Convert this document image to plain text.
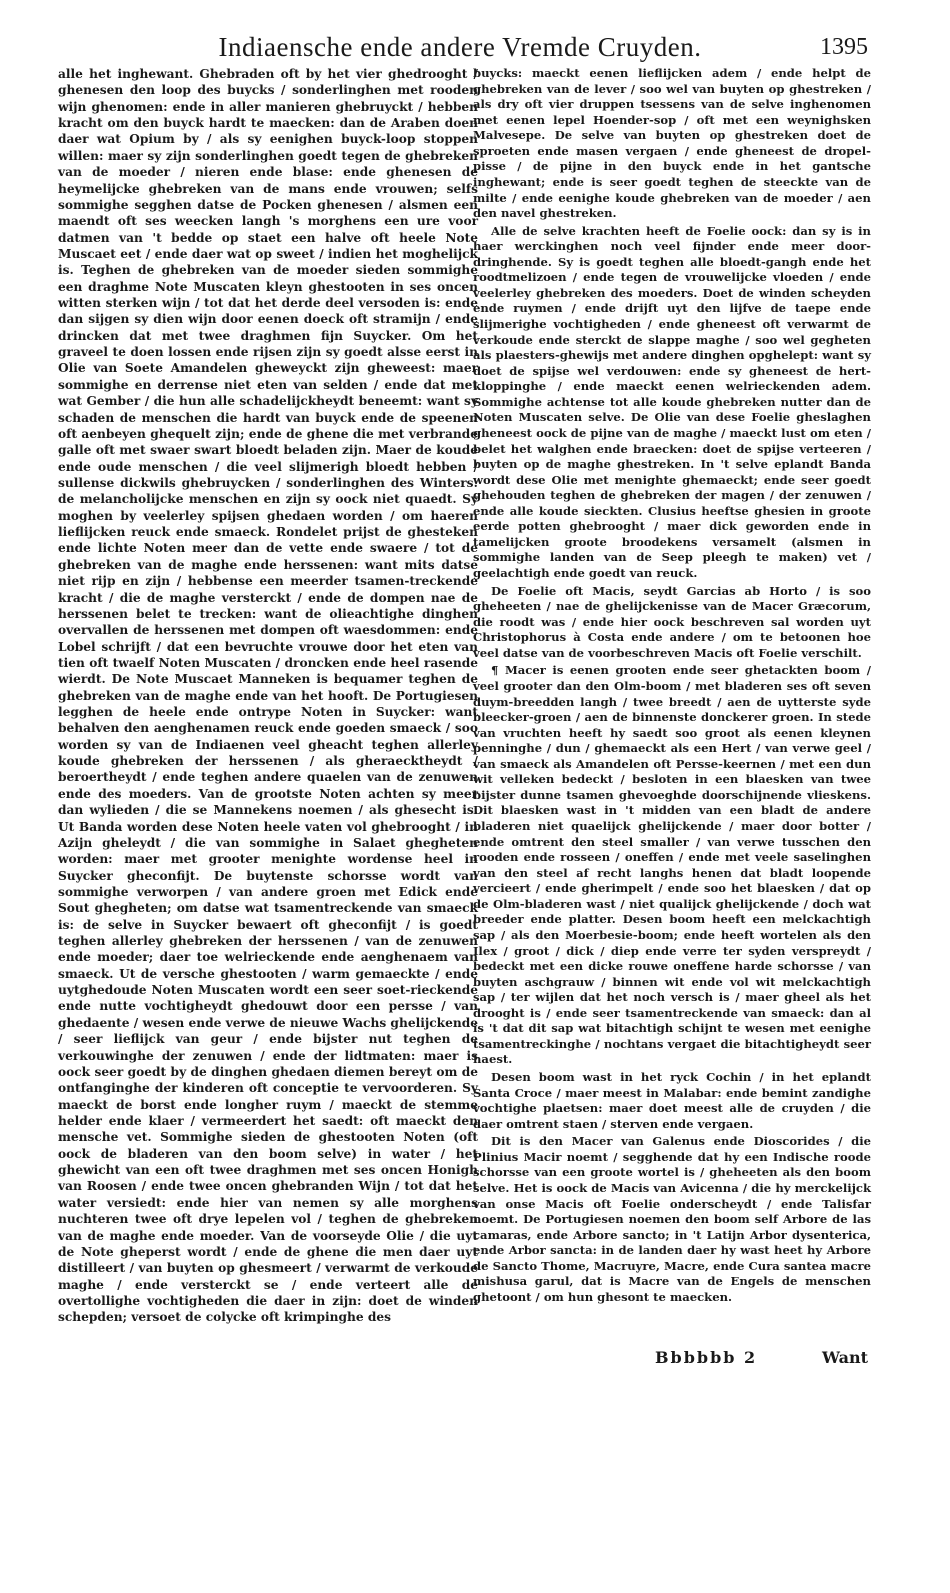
Indiaensche ende andere Vremde Cruyden.	1395

alle het inghewant. Ghebraden oft by het vier ghedrooght / ghenesen den loop des buycks / sonderlinghen met rooden wijn ghenomen: ende in aller manieren ghebruyckt / hebben kracht om den buyck hardt te maecken: dan de Araben doen daer wat Opium by / als sy eenighen buyck-loop stoppen willen: maer sy zijn sonderlinghen goedt tegen de ghebreken van de moeder / nieren ende blase: ende ghenesen de heymelijcke ghebreken van de mans ende vrouwen; selfs sommighe segghen datse de Pocken ghenesen / alsmen een maendt oft ses weecken langh 's morghens een ure voor datmen van 't bedde op staet een halve oft heele Note Muscaet eet / ende daer wat op sweet / indien het moghelijck is. Teghen de ghebreken van de moeder sieden sommighe een draghme Note Muscaten kleyn ghestooten in ses oncen witten sterken wijn / tot dat het derde deel versoden is: ende dan sijgen sy dien wijn door eenen doeck oft stramijn / ende drincken dat met twee draghmen fijn Suycker. Om het graveel te doen lossen ende rijsen zijn sy goedt alsse eerst in Olie van Soete Amandelen gheweyckt zijn gheweest: maer sommighe en derrense niet eten van selden / ende dat met wat Gember / die hun alle schadelijckheydt beneemt: want sy schaden de menschen die hardt van buyck ende de speenen oft aenbeyen ghequelt zijn; ende de ghene die met verbrande galle oft met swaer swart bloedt beladen zijn. Maer de koude ende oude menschen / die veel slijmerigh bloedt hebben / sullense dickwils ghebruycken / sonderlinghen des Winters: de melancholijcke menschen en zijn sy oock niet quaedt. Sy moghen by veelerley spijsen ghedaen worden / om haeren lieflijcken reuck ende smaeck. Rondelet prijst de ghesteken ende lichte Noten meer dan de vette ende swaere / tot de ghebreken van de maghe ende herssenen: want mits datse niet rijp en zijn / hebbense een meerder tsamen-treckende kracht / die de maghe versterckt / ende de dompen nae de herssenen belet te trecken: want de olieachtighe dinghen overvallen de herssenen met dompen oft waesdommen: ende Lobel schrijft / dat een bevruchte vrouwe door het eten van tien oft twaelf Noten Muscaten / droncken ende heel rasende wierdt. De Note Muscaet Manneken is bequamer teghen de ghebreken van de maghe ende van het hooft. De Portugiesen legghen de heele ende ontrype Noten in Suycker: want behalven den aenghenamen reuck ende goeden smaeck / soo worden sy van de Indiaenen veel gheacht teghen allerley koude ghebreken der herssenen / als gheraecktheydt / beroertheydt / ende teghen andere quaelen van de zenuwen ende des moeders. Van de grootste Noten achten sy meer dan wylieden / die se Mannekens noemen / als ghesecht is. Ut Banda worden dese Noten heele vaten vol ghebrooght / in Azijn gheleydt / die van sommighe in Salaet ghegheten worden: maer met grooter menighte wordense heel in Suycker gheconfijt. De buytenste schorsse wordt van sommighe verworpen / van andere groen met Edick ende Sout ghegheten; om datse wat tsamentreckende van smaeck is: de selve in Suycker bewaert oft gheconfijt / is goedt teghen allerley ghebreken der herssenen / van de zenuwen ende moeder; daer toe welrieckende ende aenghenaem van smaeck. Ut de versche ghestooten / warm gemaeckte / ende uytghedoude Noten Muscaten wordt een seer soet-rieckende ende nutte vochtigheydt ghedouwt door een persse / van ghedaente / wesen ende verwe de nieuwe Wachs ghelijckende / seer lieflijck van geur / ende bijster nut teghen de verkouwinghe der zenuwen / ende der lidtmaten: maer is oock seer goedt by de dinghen ghedaen diemen bereyt om de ontfanginghe der kinderen oft conceptie te vervoorderen. Sy maeckt de borst ende longher ruym / maeckt de stemme helder ende klaer / vermeerdert het saedt: oft maeckt den mensche vet. Sommighe sieden de ghestooten Noten (oft oock de bladeren van den boom selve) in water / het ghewicht van een oft twee draghmen met ses oncen Honigh van Roosen / ende twee oncen ghebranden Wijn / tot dat het water versiedt: ende hier van nemen sy alle morghens nuchteren twee oft drye lepelen vol / teghen de ghebreken van de maghe ende moeder. Van de voorseyde Olie / die uyt de Note gheperst wordt / ende de ghene die men daer uyt distilleert / van buyten op ghesmeert / verwarmt de verkoude maghe / ende versterckt se / ende verteert alle de overtollighe vochtigheden die daer in zijn: doet de winden schepden; versoet de colycke oft krimpinghe des

buycks: maeckt eenen lieflijcken adem / ende helpt de ghebreken van de lever / soo wel van buyten op ghestreken / als dry oft vier druppen tsessens van de selve inghenomen met eenen lepel Hoender-sop / oft met een weynighsken Malvesepe. De selve van buyten op ghestreken doet de sproeten ende masen vergaen / ende gheneest de dropel-pisse / de pijne in den buyck ende in het gantsche inghewant; ende is seer goedt teghen de steeckte van de milte / ende eenighe koude ghebreken van de moeder / aen den navel ghestreken.

Alle de selve krachten heeft de Foelie oock: dan sy is in haer werckinghen noch veel fijnder ende meer door-dringhende. Sy is goedt teghen alle bloedt-gangh ende het roodtmelizoen / ende tegen de vrouwelijcke vloeden / ende veelerley ghebreken des moeders. Doet de winden scheyden ende ruymen / ende drijft uyt den lijfve de taepe ende slijmerighe vochtigheden / ende gheneest oft verwarmt de verkoude ende sterckt de slappe maghe / soo wel gegheten als plaesters-ghewijs met andere dinghen opghelept: want sy doet de spijse wel verdouwen: ende sy gheneest de hert-kloppinghe / ende maeckt eenen welrieckenden adem. Sommighe achtense tot alle koude ghebreken nutter dan de Noten Muscaten selve. De Olie van dese Foelie gheslaghen gheneest oock de pijne van de maghe / maeckt lust om eten / belet het walghen ende braecken: doet de spijse verteeren / buyten op de maghe ghestreken. In 't selve eplandt Banda wordt dese Olie met menighte ghemaeckt; ende seer goedt ghehouden teghen de ghebreken der magen / der zenuwen / ende alle koude sieckten. Clusius heeftse ghesien in groote eerde potten ghebrooght / maer dick geworden ende in tamelijcken groote broodekens versamelt (alsmen in sommighe landen van de Seep pleegh te maken) vet / geelachtigh ende goedt van reuck.

De Foelie oft Macis, seydt Garcias ab Horto / is soo gheheeten / nae de ghelijckenisse van de Macer Græcorum, die roodt was / ende hier oock beschreven sal worden uyt Christophorus à Costa ende andere / om te betoonen hoe veel datse van de voorbeschreven Macis oft Foelie verschilt.

¶ Macer is eenen grooten ende seer ghetackten boom / veel grooter dan den Olm-boom / met bladeren ses oft seven duym-breedden langh / twee breedt / aen de uytterste syde bleecker-groen / aen de binnenste donckerer groen. In stede van vruchten heeft hy saedt soo groot als eenen kleynen penninghe / dun / ghemaeckt als een Hert / van verwe geel / van smaeck als Amandelen oft Persse-keernen / met een dun wit velleken bedeckt / besloten in een blaesken van twee bijster dunne tsamen ghevoeghde doorschijnende vlieskens. Dit blaesken wast in 't midden van een bladt de andere bladeren niet quaelijck ghelijckende / maer door botter / ende omtrent den steel smaller / van verwe tusschen den rooden ende rosseen / oneffen / ende met veele saselinghen van den steel af recht langhs henen dat bladt loopende vercieert / ende gherimpelt / ende soo het blaesken / dat op de Olm-bladeren wast / niet qualijck ghelijckende / doch wat breeder ende platter. Desen boom heeft een melckachtigh sap / als den Moerbesie-boom; ende heeft wortelen als den Ilex / groot / dick / diep ende verre ter syden verspreydt / bedeckt met een dicke rouwe oneffene harde schorsse / van buyten aschgrauw / binnen wit ende vol wit melckachtigh sap / ter wijlen dat het noch versch is / maer gheel als het drooght is / ende seer tsamentreckende van smaeck: dan al is 't dat dit sap wat bitachtigh schijnt te wesen met eenighe tsamentreckinghe / nochtans vergaet die bitachtigheydt seer haest.

Desen boom wast in het ryck Cochin / in het eplandt Santa Croce / maer meest in Malabar: ende bemint zandighe vochtighe plaetsen: maer doet meest alle de cruyden / die daer omtrent staen / sterven ende vergaen.

Dit is den Macer van Galenus ende Dioscorides / die Plinius Macir noemt / segghende dat hy een Indische roode schorsse van een groote wortel is / gheheeten als den boom selve. Het is oock de Macis van Avicenna / die hy merckelijck van onse Macis oft Foelie onderscheydt / ende Talisfar noemt. De Portugiesen noemen den boom self Arbore de las camaras, ende Arbore sancto; in 't Latijn Arbor dysenterica, ende Arbor sancta: in de landen daer hy wast heet hy Arbore de Sancto Thome, Macruyre, Macre, ende Cura santea macre mishusa garul, dat is Macre van de Engels de menschen ghetoont / om hun ghesont te maecken.

Bbbbbb 2	Want
